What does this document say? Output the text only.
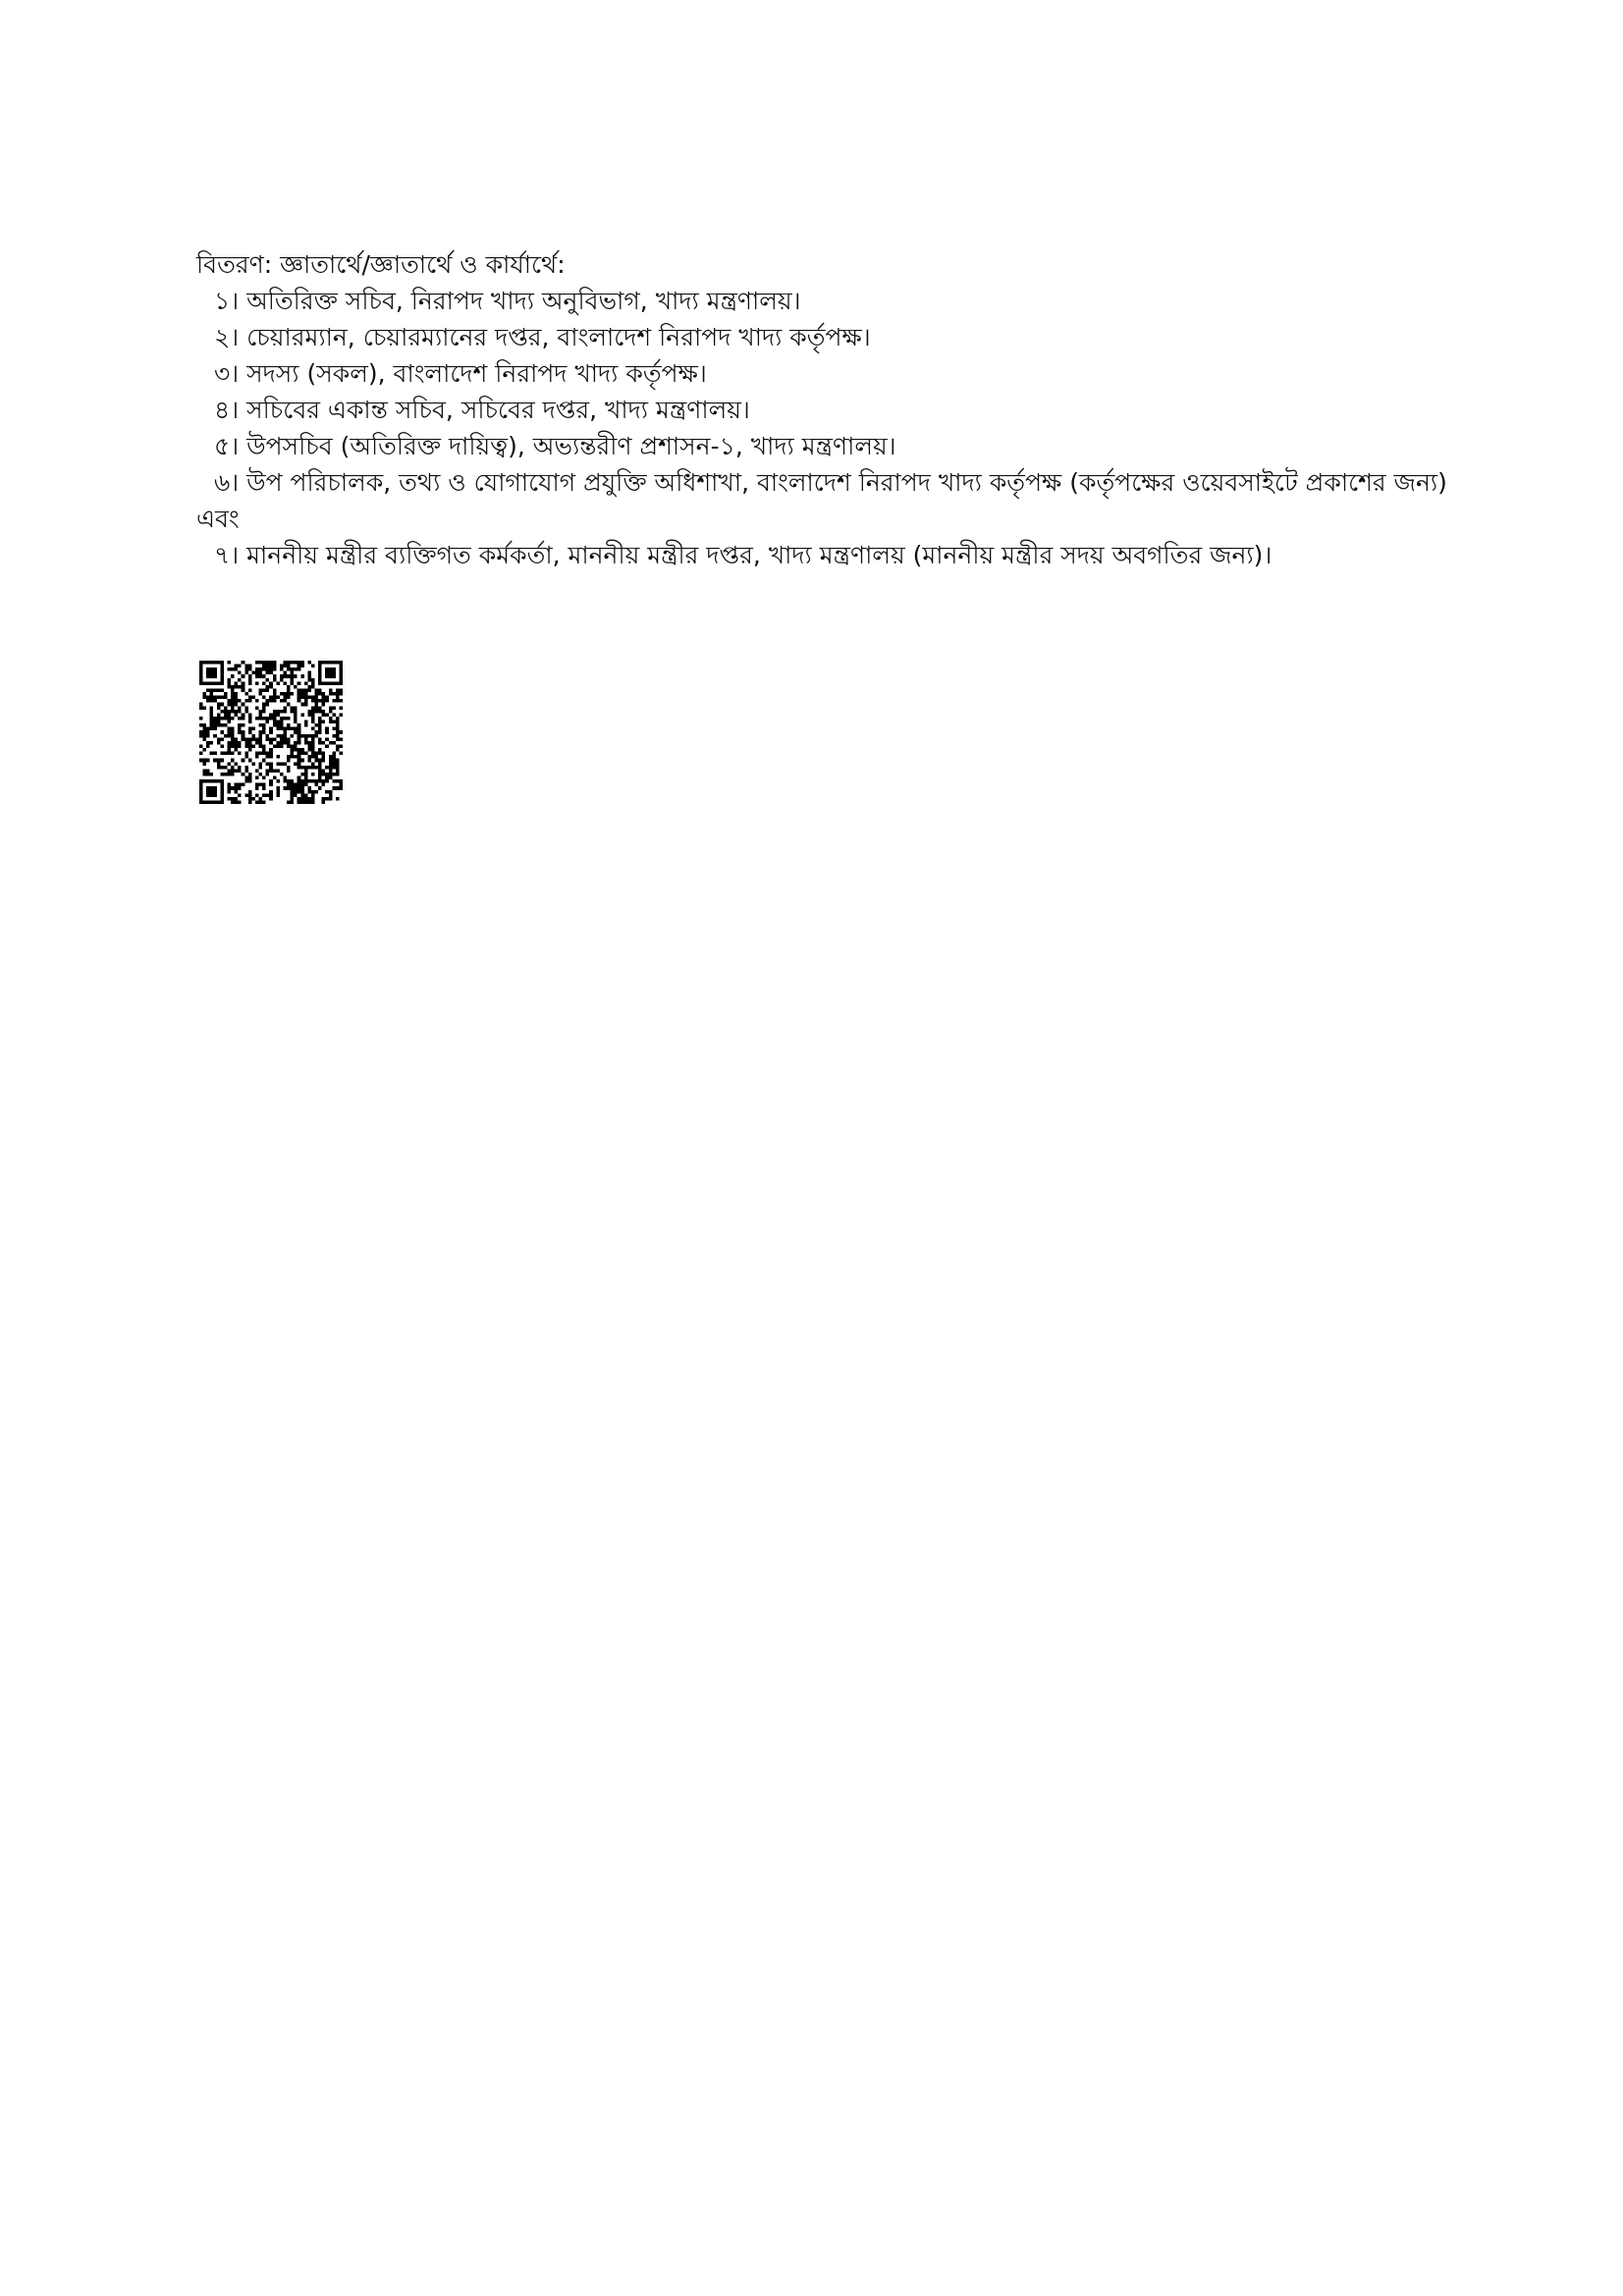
বিতরণ: জ্ঞাতার্থে/জ্ঞাতার্থে ও কার্যার্থে:

১। অতিরিক্ত সচিব, নিরাপদ খাদ্য অনুবিভাগ, খাদ্য মন্ত্রণালয়।
২। চেয়ারম্যান, চেয়ারম্যানের দপ্তর, বাংলাদেশ নিরাপদ খাদ্য কর্তৃপক্ষ।
৩। সদস্য (সকল), বাংলাদেশ নিরাপদ খাদ্য কর্তৃপক্ষ।
৪। সচিবের একান্ত সচিব, সচিবের দপ্তর, খাদ্য মন্ত্রণালয়।
৫। উপসচিব (অতিরিক্ত দায়িত্ব), অভ্যন্তরীণ প্রশাসন-১, খাদ্য মন্ত্রণালয়।
৬। উপ পরিচালক, তথ্য ও যোগাযোগ প্রযুক্তি অধিশাখা, বাংলাদেশ নিরাপদ খাদ্য কর্তৃপক্ষ (কর্তৃপক্ষের ওয়েবসাইটে প্রকাশের জন্য) এবং
৭। মাননীয় মন্ত্রীর ব্যক্তিগত কর্মকর্তা, মাননীয় মন্ত্রীর দপ্তর, খাদ্য মন্ত্রণালয় (মাননীয় মন্ত্রীর সদয় অবগতির জন্য)।
